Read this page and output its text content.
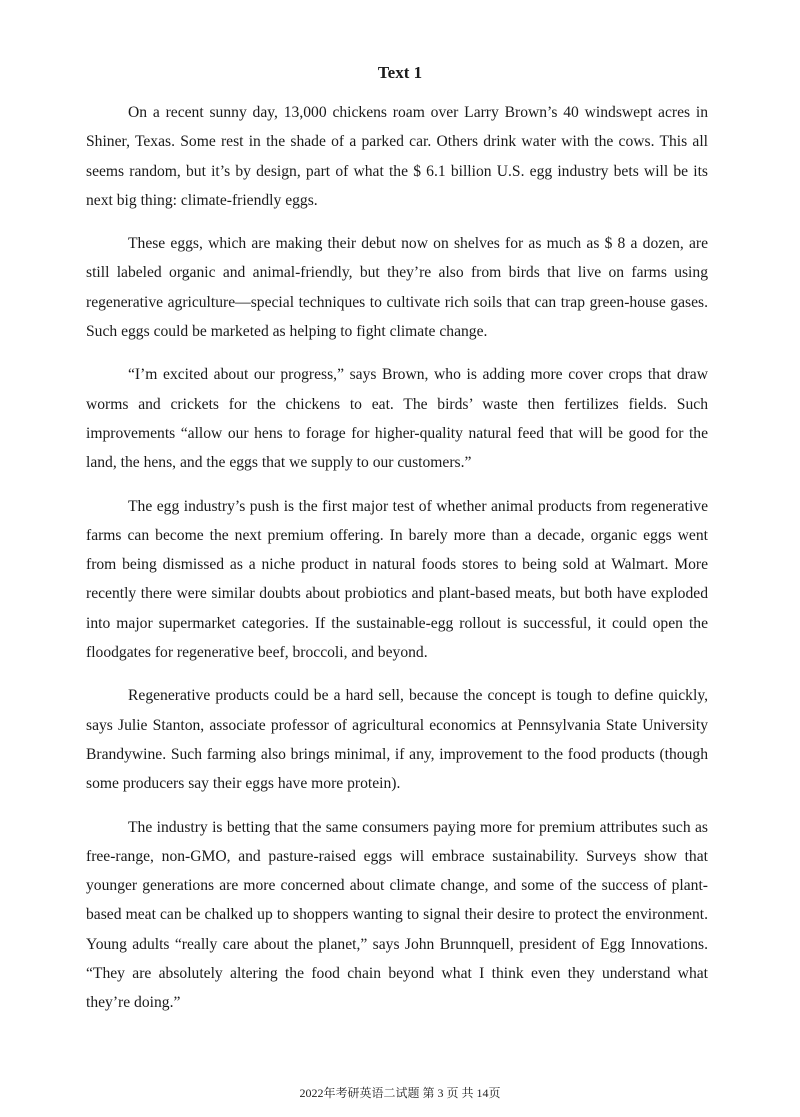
Text 1

On a recent sunny day, 13,000 chickens roam over Larry Brown’s 40 windswept acres in Shiner, Texas. Some rest in the shade of a parked car. Others drink water with the cows. This all seems random, but it’s by design, part of what the $ 6.1 billion U.S. egg industry bets will be its next big thing: climate-friendly eggs.

These eggs, which are making their debut now on shelves for as much as $ 8 a dozen, are still labeled organic and animal-friendly, but they’re also from birds that live on farms using regenerative agriculture—special techniques to cultivate rich soils that can trap green-house gases. Such eggs could be marketed as helping to fight climate change.

“I’m excited about our progress,” says Brown, who is adding more cover crops that draw worms and crickets for the chickens to eat. The birds’ waste then fertilizes fields. Such improvements “allow our hens to forage for higher-quality natural feed that will be good for the land, the hens, and the eggs that we supply to our customers.”

The egg industry’s push is the first major test of whether animal products from regenerative farms can become the next premium offering. In barely more than a decade, organic eggs went from being dismissed as a niche product in natural foods stores to being sold at Walmart. More recently there were similar doubts about probiotics and plant-based meats, but both have exploded into major supermarket categories. If the sustainable-egg rollout is successful, it could open the floodgates for regenerative beef, broccoli, and beyond.

Regenerative products could be a hard sell, because the concept is tough to define quickly, says Julie Stanton, associate professor of agricultural economics at Pennsylvania State University Brandywine. Such farming also brings minimal, if any, improvement to the food products (though some producers say their eggs have more protein).

The industry is betting that the same consumers paying more for premium attributes such as free-range, non-GMO, and pasture-raised eggs will embrace sustainability. Surveys show that younger generations are more concerned about climate change, and some of the success of plant-based meat can be chalked up to shoppers wanting to signal their desire to protect the environment. Young adults “really care about the planet,” says John Brunnquell, president of Egg Innovations. “They are absolutely altering the food chain beyond what I think even they understand what they’re doing.”

2022年考研英语二试题 第 3 页 共 14页
